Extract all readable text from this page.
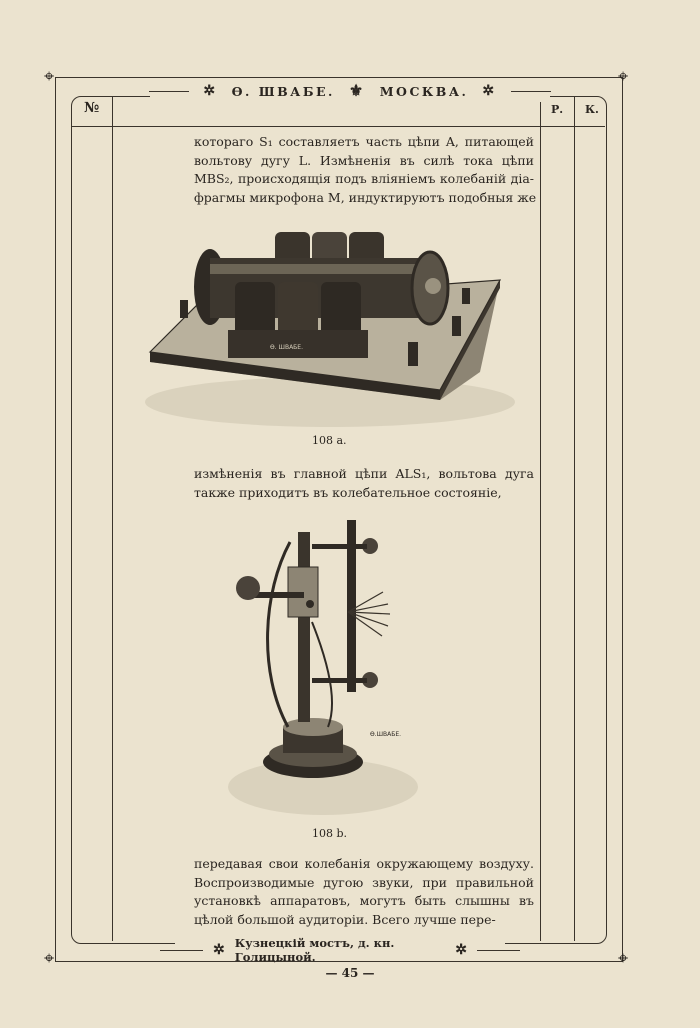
№	Р. К.
⌖	⌖
⌖	⌖
✲ Ѳ. ШВАБЕ. ⚜ МОСКВА. ✲
котораго S₁ составляетъ часть цѣпи A, питающей
вольтову дугу L. Измѣненія въ силѣ тока цѣпи
MBS₂, происходящія подъ вліяніемъ колебаній діа-
фрагмы микрофона M, индуктируютъ подобныя же
Ѳ. ШВАБЕ.
108 a.
измѣненія въ главной цѣпи ALS₁, вольтова дуга
также приходитъ въ колебательное состояніе,
Ѳ.ШВАБЕ.
108 b.
передавая свои колебанія окружающему воздуху.
Воспроизводимые дугою звуки, при правильной
установкѣ аппаратовъ, могутъ быть слышны въ
цѣлой большой аудиторіи. Всего лучше пере-
✲ Кузнецкій мостъ, д. кн. Голицыной.	✲
— 45 —
